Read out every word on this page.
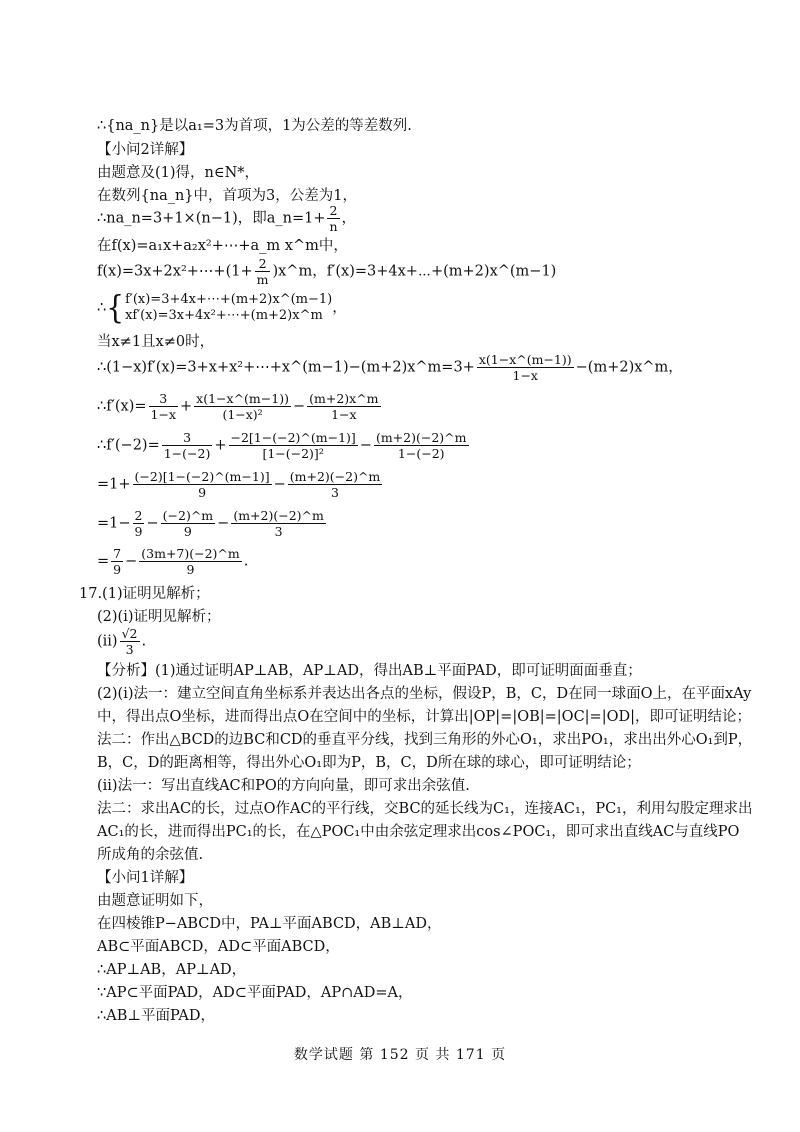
∴{na_n}是以a₁=3为首项，1为公差的等差数列.
【小问2详解】
由题意及(1)得，n∈N*，
在数列{na_n}中，首项为3，公差为1，
∴na_n=3+1×(n−1)，即a_n=1+ $\frac{2}{n}$ ，
在f(x)=a₁x+a₂x²+⋯+a_m x^m中，
f(x)=3x+2x²+⋯+(1+ $\frac{2}{m}$ )x^m，f′(x)=3+4x+⋯+(m+2)x^(m−1)
∴{ f′(x)=3+4x+⋯+(m+2)x^(m−1)
xf′(x)=3x+4x²+⋯+(m+2)x^m ，
当x≠1且x≠0时，
∴(1−x)f′(x)=3+x+x²+⋯+x^(m−1)−(m+2)x^m=3+ $\frac{x(1-x\^{}(m-1))}{1-x}$ −(m+2)x^m，
∴f′(x)= $\frac{3}{1-x} + \frac{x(1-x\^{}(m-1))}{\text{(1−x)²}} - \frac{(m+2)x\^{}m}{1-x}$
∴f′(−2)= $\frac{3}{1-(-2)} + \frac{-2[1-(-2)\^{}(m-1)]}{\text{[1−(−2)]²}} - \frac{(m+2)(-2)\^{}m}{1-(-2)}$
$=1+ \frac{(-2)[1-(-2)\^{}(m-1)]}{9} - \frac{(m+2)(-2)\^{}m}{3}$
$=1- \frac{2}{9} - \frac{(-2)\^{}m}{9} - \frac{(m+2)(-2)\^{}m}{3}$
= $\frac{7}{9} - \frac{(3m+7)(-2)\^{}m}{9}$ .
17.(1)证明见解析；
(2)(i)证明见解析；
$(ii) \frac{√2}{3}$ .
【分析】(1)通过证明AP⊥AB，AP⊥AD，得出AB⊥平面PAD，即可证明面面垂直；
(2)(i)法一：建立空间直角坐标系并表达出各点的坐标，假设P，B，C，D在同一球面O上，在平面xAy
中，得出点O坐标，进而得出点O在空间中的坐标，计算出|OP|=|OB|=|OC|=|OD|，即可证明结论；
法二：作出△BCD的边BC和CD的垂直平分线，找到三角形的外心O₁，求出PO₁，求出出外心O₁到P，
B，C，D的距离相等，得出外心O₁即为P，B，C，D所在球的球心，即可证明结论；
(ii)法一：写出直线AC和PO的方向向量，即可求出余弦值.
法二：求出AC的长，过点O作AC的平行线，交BC的延长线为C₁，连接AC₁，PC₁，利用勾股定理求出
AC₁的长，进而得出PC₁的长，在△POC₁中由余弦定理求出cos∠POC₁，即可求出直线AC与直线PO
所成角的余弦值.
【小问1详解】
由题意证明如下，
在四棱锥P−ABCD中，PA⊥平面ABCD，AB⊥AD，
AB⊂平面ABCD，AD⊂平面ABCD，
∴AP⊥AB，AP⊥AD，
∵AP⊂平面PAD，AD⊂平面PAD，AP∩AD=A，
∴AB⊥平面PAD，
数学试题 第 152 页 共 171 页
